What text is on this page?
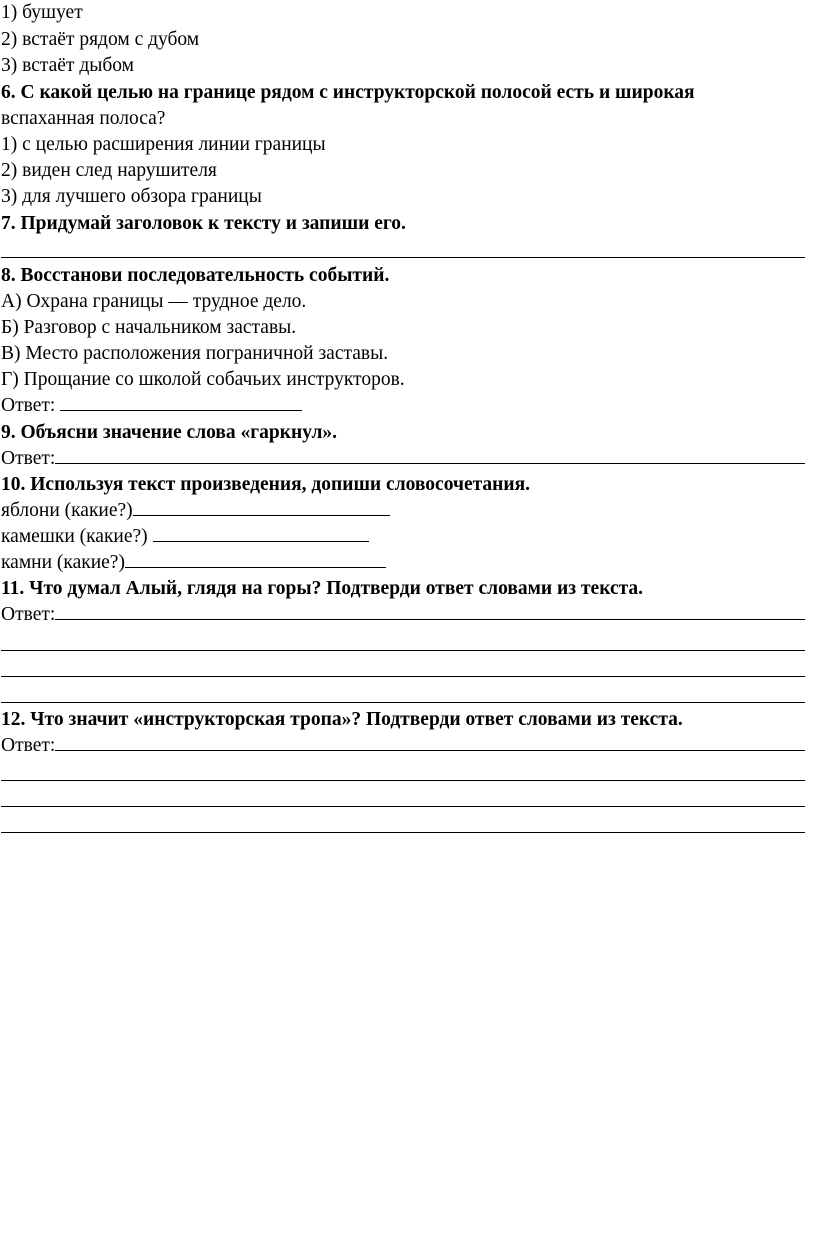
1) бушует
2) встаёт рядом с дубом
3) встаёт дыбом
6. С какой целью на границе рядом с инструкторской полосой есть и широкая
вспаханная полоса?
1) с целью расширения линии границы
2) виден след нарушителя
3) для лучшего обзора границы
7. Придумай заголовок к тексту и запиши его.
8. Восстанови последовательность событий.
А) Охрана границы — трудное дело.
Б) Разговор с начальником заставы.
В) Место расположения пограничной заставы.
Г) Прощание со школой собачьих инструкторов.
Ответ:
9. Объясни значение слова «гаркнул».
Ответ:
10. Используя текст произведения, допиши словосочетания.
яблони (какие?)
камешки (какие?)
камни (какие?)
11. Что думал Алый, глядя на горы? Подтверди ответ словами из текста.
Ответ:
12. Что значит «инструкторская тропа»? Подтверди ответ словами из текста.
Ответ:
